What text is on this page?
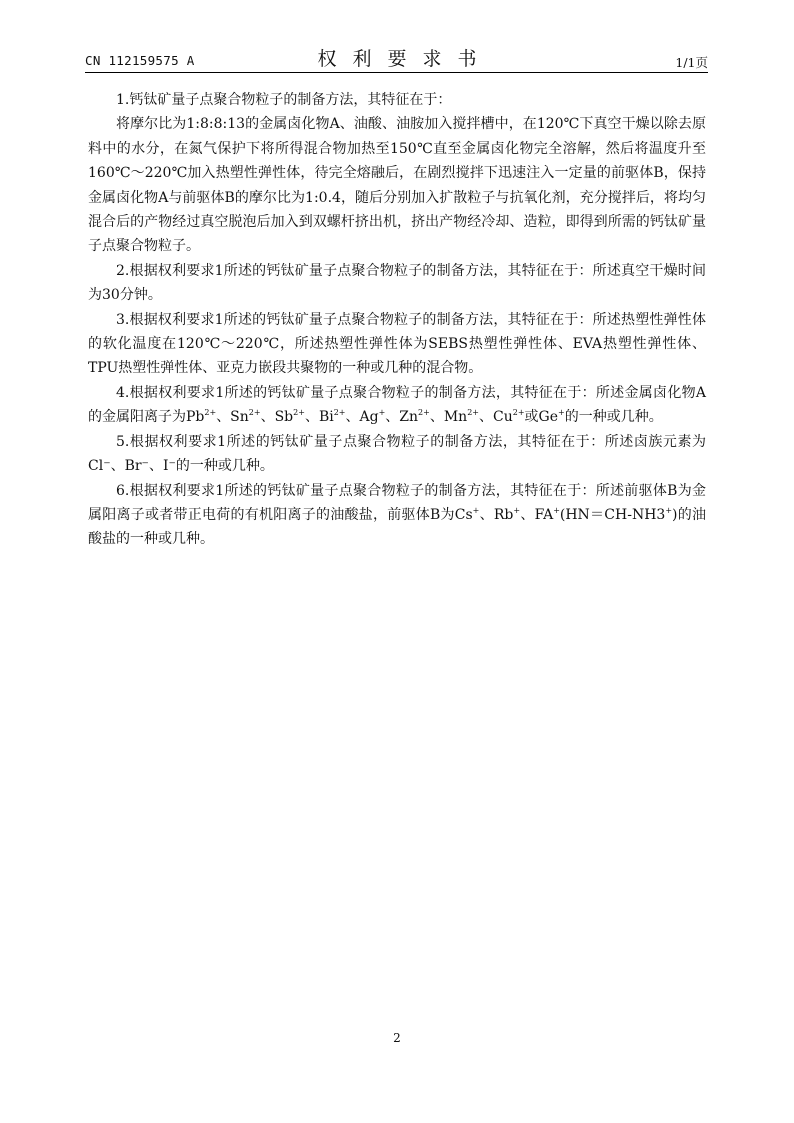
CN 112159575 A	权利要求书	1/1页

1.钙钛矿量子点聚合物粒子的制备方法，其特征在于：

将摩尔比为1:8:8:13的金属卤化物A、油酸、油胺加入搅拌槽中，在120℃下真空干燥以除去原料中的水分，在氮气保护下将所得混合物加热至150℃直至金属卤化物完全溶解，然后将温度升至160℃～220℃加入热塑性弹性体，待完全熔融后，在剧烈搅拌下迅速注入一定量的前驱体B，保持金属卤化物A与前驱体B的摩尔比为1:0.4，随后分别加入扩散粒子与抗氧化剂，充分搅拌后，将均匀混合后的产物经过真空脱泡后加入到双螺杆挤出机，挤出产物经冷却、造粒，即得到所需的钙钛矿量子点聚合物粒子。

2.根据权利要求1所述的钙钛矿量子点聚合物粒子的制备方法，其特征在于：所述真空干燥时间为30分钟。

3.根据权利要求1所述的钙钛矿量子点聚合物粒子的制备方法，其特征在于：所述热塑性弹性体的软化温度在120℃～220℃，所述热塑性弹性体为SEBS热塑性弹性体、EVA热塑性弹性体、TPU热塑性弹性体、亚克力嵌段共聚物的一种或几种的混合物。

4.根据权利要求1所述的钙钛矿量子点聚合物粒子的制备方法，其特征在于：所述金属卤化物A的金属阳离子为$Pb^{2+}$、$Sn^{2+}$、$Sb^{2+}$、$Bi^{2+}$、Ag+、$Zn^{2+}$、$Mn^{2+}$、$Cu^{2+}$或Ge+的一种或几种。

5.根据权利要求1所述的钙钛矿量子点聚合物粒子的制备方法，其特征在于：所述卤族元素为Cl⁻、Br⁻、I⁻的一种或几种。

6.根据权利要求1所述的钙钛矿量子点聚合物粒子的制备方法，其特征在于：所述前驱体B为金属阳离子或者带正电荷的有机阳离子的油酸盐，前驱体B为Cs+、Rb+、FA+(HN＝CH-NH3+)的油酸盐的一种或几种。

2
